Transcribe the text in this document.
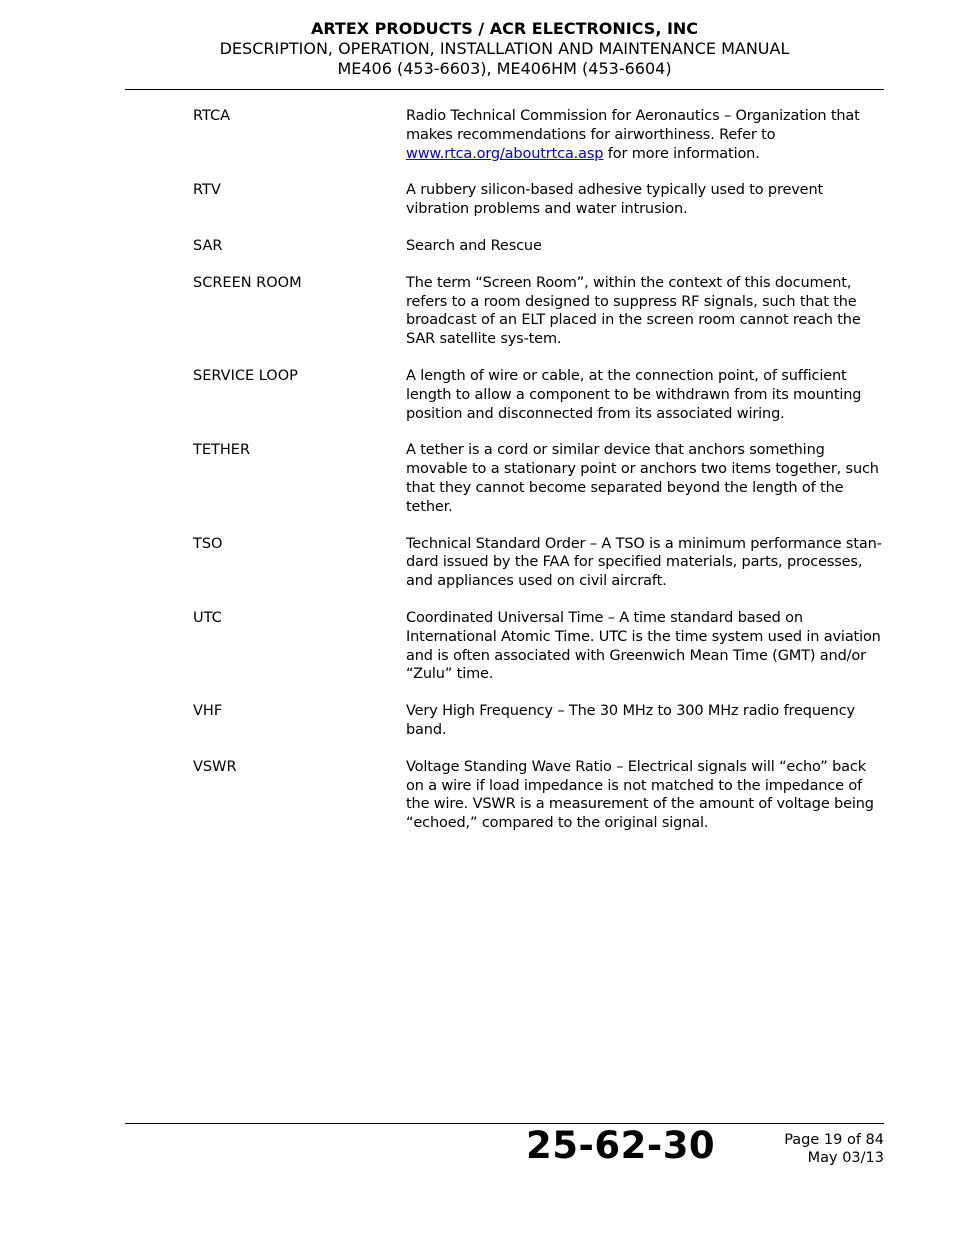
ARTEX PRODUCTS / ACR ELECTRONICS, INC
DESCRIPTION, OPERATION, INSTALLATION AND MAINTENANCE MANUAL
ME406 (453-6603), ME406HM (453-6604)
RTCA	Radio Technical Commission for Aeronautics – Organization that makes recommendations for airworthiness. Refer to www.rtca.org/aboutrtca.asp for more information.
RTV	A rubbery silicon-based adhesive typically used to prevent vibration problems and water intrusion.
SAR	Search and Rescue
SCREEN ROOM	The term “Screen Room”, within the context of this document, refers to a room designed to suppress RF signals, such that the broadcast of an ELT placed in the screen room cannot reach the SAR satellite sys-tem.
SERVICE LOOP	A length of wire or cable, at the connection point, of sufficient length to allow a component to be withdrawn from its mounting position and disconnected from its associated wiring.
TETHER	A tether is a cord or similar device that anchors something movable to a stationary point or anchors two items together, such that they cannot become separated beyond the length of the tether.
TSO	Technical Standard Order – A TSO is a minimum performance stan-dard issued by the FAA for specified materials, parts, processes, and appliances used on civil aircraft.
UTC	Coordinated Universal Time – A time standard based on International Atomic Time. UTC is the time system used in aviation and is often associated with Greenwich Mean Time (GMT) and/or “Zulu” time.
VHF	Very High Frequency – The 30 MHz to 300 MHz radio frequency band.
VSWR	Voltage Standing Wave Ratio – Electrical signals will “echo” back on a wire if load impedance is not matched to the impedance of the wire. VSWR is a measurement of the amount of voltage being “echoed,” compared to the original signal.
25-62-30	Page 19 of 84
May 03/13
